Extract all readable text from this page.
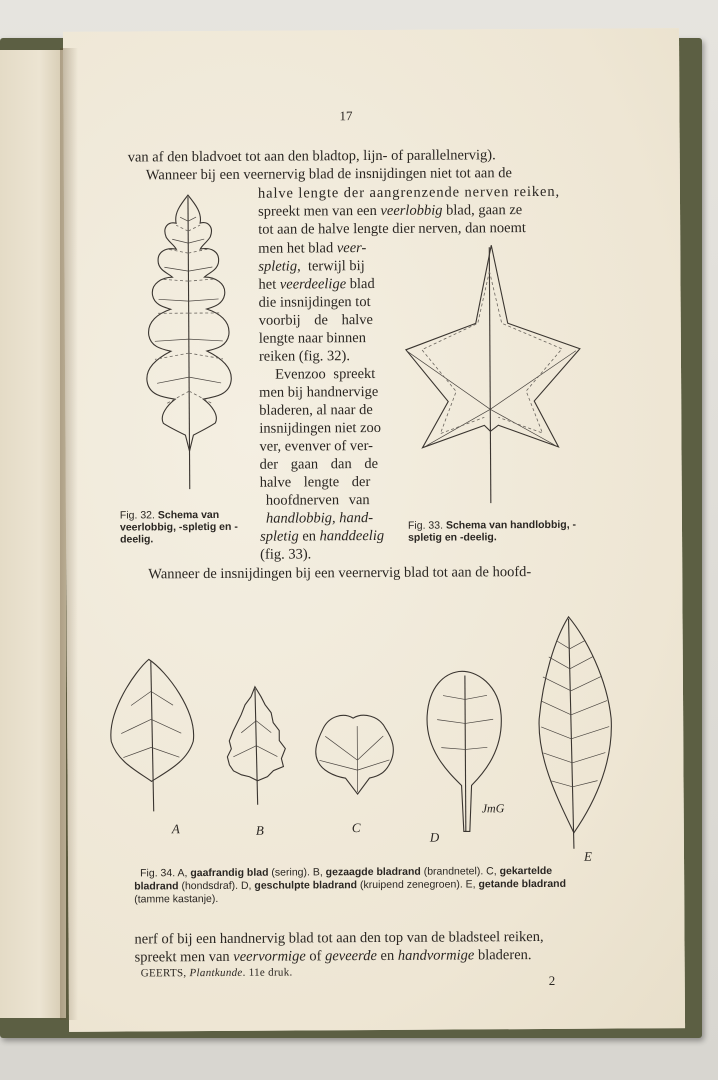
17
van af den bladvoet tot aan den bladtop, lijn- of parallelnervig).
Wanneer bij een veernervig blad de insnijdingen niet tot aan de
halve lengte der aangrenzende nerven reiken,
spreekt men van een veerlobbig blad, gaan ze
tot aan de halve lengte dier nerven, dan noemt
men het blad veer-
spletig,  terwijl bij
het veerdeelige blad
die insnijdingen tot
voorbij de halve
lengte naar binnen
reiken (fig. 32).
Evenzoo spreekt
men bij handnervige
bladeren, al naar de
insnijdingen niet zoo
ver, evenver of ver-
der gaan dan de
halve lengte der
hoofdnerven van
handlobbig, hand-
spletig en handdeelig
(fig. 33).
Fig. 32. Schema van veerlobbig, -spletig en -deelig.
Fig. 33. Schema van handlobbig, -spletig en -deelig.
Wanneer de insnijdingen bij een veernervig blad tot aan de hoofd-
A	B	C
D
E
JmG
Fig. 34. A, gaafrandig blad (sering). B, gezaagde bladrand (brandnetel). C, gekartelde
bladrand (hondsdraf). D, geschulpte bladrand (kruipend zenegroen). E, getande bladrand
(tamme kastanje).
nerf of bij een handnervig blad tot aan den top van de bladsteel reiken,
spreekt men van veervormige of geveerde en handvormige bladeren.
GEERTS, Plantkunde. 11e druk.
2
